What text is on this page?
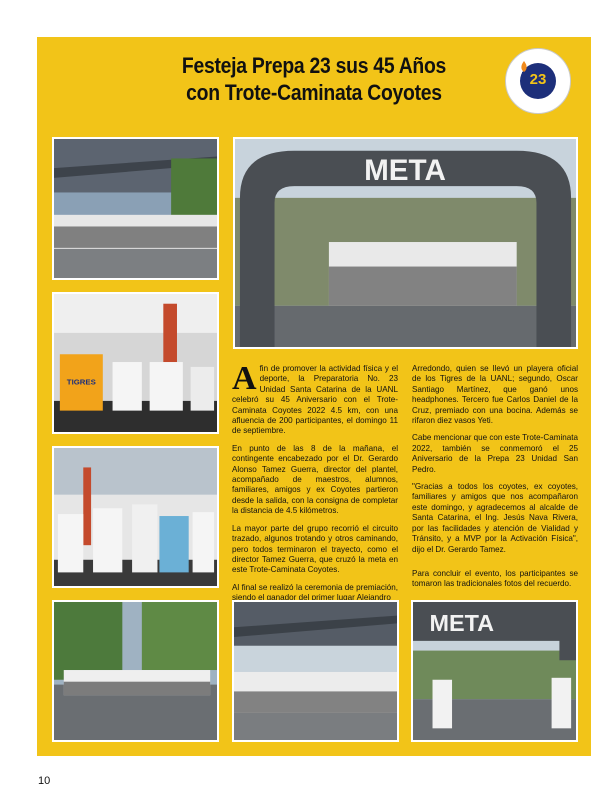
Festeja Prepa 23 sus 45 Años
con Trote-Caminata Coyotes
23
META
TIGRES	Afin de promover la actividad física y el deporte, la Preparatoria No. 23 Unidad Santa Catarina de la UANL celebró su 45 Aniversario con el Trote-Caminata Coyotes 2022 4.5 km, con una afluencia de 200 participantes, el domingo 11 de septiembre.

En punto de las 8 de la mañana, el contingente encabezado por el Dr. Gerardo Alonso Tamez Guerra, director del plantel, acompañado de maestros, alumnos, familiares, amigos y ex Coyotes partieron desde la salida, con la consigna de completar la distancia de 4.5 kilómetros.

La mayor parte del grupo recorrió el circuito trazado, algunos trotando y otros caminando, pero todos terminaron el trayecto, como el director Tamez Guerra, que cruzó la meta en este Trote-Caminata Coyotes.

Al final se realizó la ceremonia de premiación, siendo el ganador del primer lugar Alejandro

Arredondo, quien se llevó un playera oficial de los Tigres de la UANL; segundo, Oscar Santiago Martínez, que ganó unos headphones. Tercero fue Carlos Daniel de la Cruz, premiado con una bocina. Además se rifaron diez vasos Yeti.

Cabe mencionar que con este Trote-Caminata 2022, también se conmemoró el 25 Aniversario de la Prepa 23 Unidad San Pedro.

"Gracias a todos los coyotes, ex coyotes, familiares y amigos que nos acompañaron este domingo, y agradecemos al alcalde de Santa Catarina, el Ing. Jesús Nava Rivera, por las facilidades y atención de Vialidad y Tránsito, y a MVP por la Activación Física", dijo el Dr. Gerardo Tamez.

Para concluir el evento, los participantes se tomaron las tradicionales fotos del recuerdo.

META
10
